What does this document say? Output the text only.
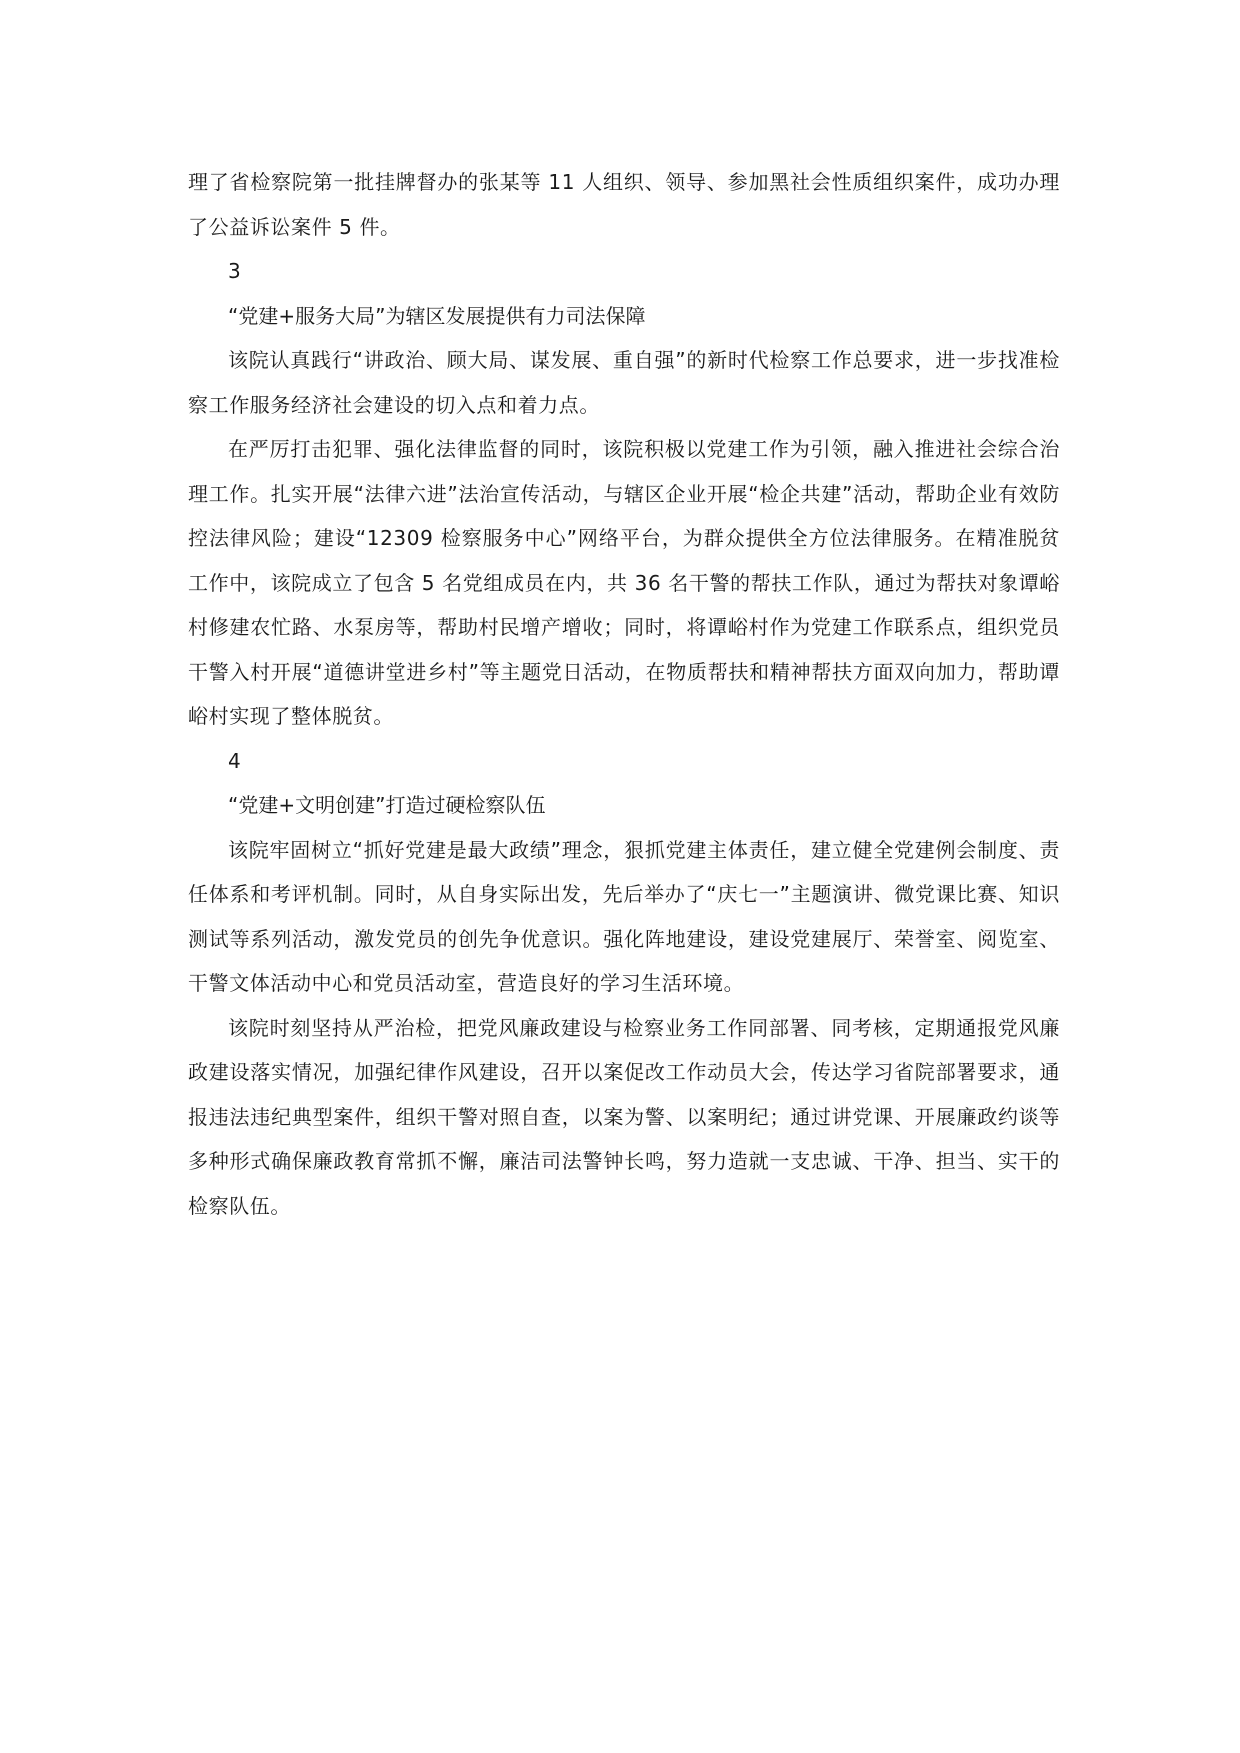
理了省检察院第一批挂牌督办的张某等 11 人组织、领导、参加黑社会性质组织案件，成功办理了公益诉讼案件 5 件。

3
“党建+服务大局”为辖区发展提供有力司法保障

该院认真践行“讲政治、顾大局、谋发展、重自强”的新时代检察工作总要求，进一步找准检察工作服务经济社会建设的切入点和着力点。

在严厉打击犯罪、强化法律监督的同时，该院积极以党建工作为引领，融入推进社会综合治理工作。扎实开展“法律六进”法治宣传活动，与辖区企业开展“检企共建”活动，帮助企业有效防控法律风险；建设“12309 检察服务中心”网络平台，为群众提供全方位法律服务。在精准脱贫工作中，该院成立了包含 5 名党组成员在内，共 36 名干警的帮扶工作队，通过为帮扶对象谭峪村修建农忙路、水泵房等，帮助村民增产增收；同时，将谭峪村作为党建工作联系点，组织党员干警入村开展“道德讲堂进乡村”等主题党日活动，在物质帮扶和精神帮扶方面双向加力，帮助谭峪村实现了整体脱贫。

4
“党建+文明创建”打造过硬检察队伍

该院牢固树立“抓好党建是最大政绩”理念，狠抓党建主体责任，建立健全党建例会制度、责任体系和考评机制。同时，从自身实际出发，先后举办了“庆七一”主题演讲、微党课比赛、知识测试等系列活动，激发党员的创先争优意识。强化阵地建设，建设党建展厅、荣誉室、阅览室、干警文体活动中心和党员活动室，营造良好的学习生活环境。

该院时刻坚持从严治检，把党风廉政建设与检察业务工作同部署、同考核，定期通报党风廉政建设落实情况，加强纪律作风建设，召开以案促改工作动员大会，传达学习省院部署要求，通报违法违纪典型案件，组织干警对照自查，以案为警、以案明纪；通过讲党课、开展廉政约谈等多种形式确保廉政教育常抓不懈，廉洁司法警钟长鸣，努力造就一支忠诚、干净、担当、实干的检察队伍。
